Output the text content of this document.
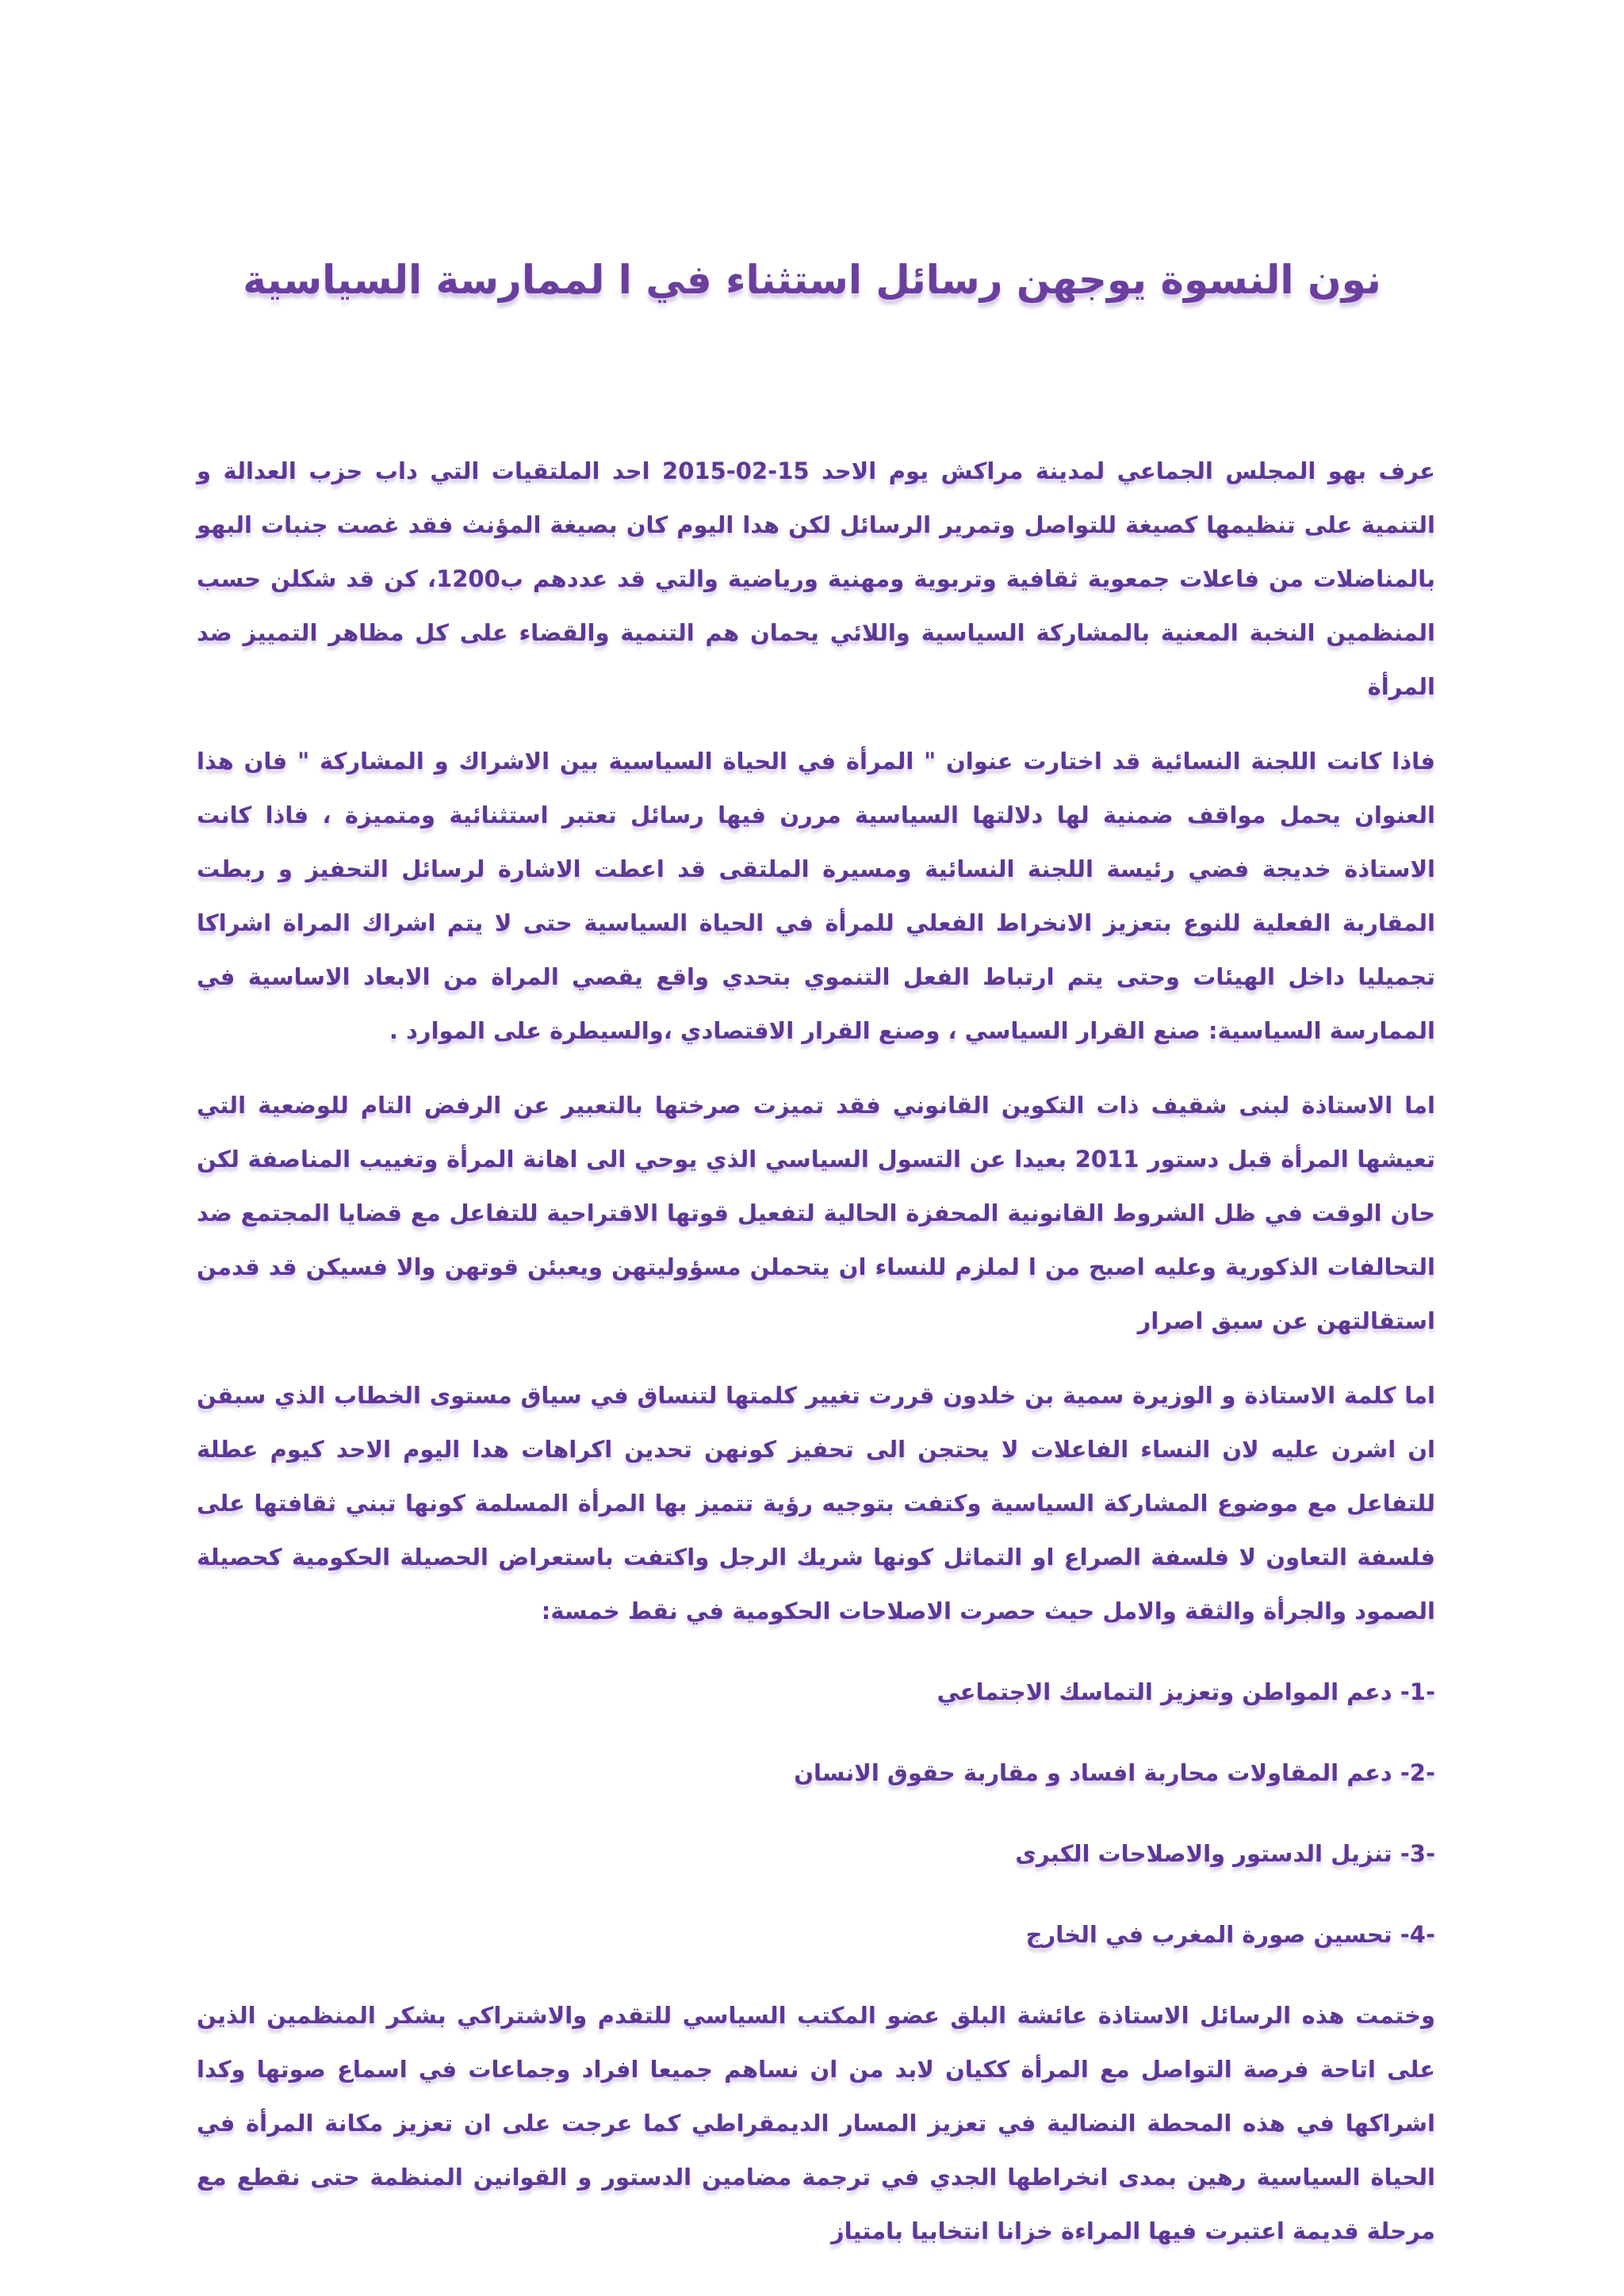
نون النسوة يوجهن رسائل استثناء في ا لممارسة السياسية

عرف بهو المجلس الجماعي لمدينة مراكش يوم الاحد 15-02-2015 احد الملتقيات التي داب حزب العدالة و التنمية على تنظيمها كصيغة للتواصل وتمرير الرسائل لكن هدا اليوم كان بصيغة المؤنث فقد غصت جنبات البهو بالمناضلات من فاعلات جمعوية ثقافية وتربوية ومهنية ورياضية والتي قد عددهم ب1200، كن قد شكلن حسب المنظمين النخبة المعنية بالمشاركة السياسية واللائي يحمان هم التنمية والقضاء على كل مظاهر التمييز ضد المرأة

فاذا كانت اللجنة النسائية قد اختارت عنوان " المرأة في الحياة السياسية بين الاشراك و المشاركة " فان هذا العنوان يحمل مواقف ضمنية لها دلالتها السياسية مررن فيها رسائل تعتبر استثنائية ومتميزة ، فاذا كانت الاستاذة خديجة فضي رئيسة اللجنة النسائية ومسيرة الملتقى قد اعطت الاشارة لرسائل التحفيز و ربطت المقاربة الفعلية للنوع بتعزيز الانخراط الفعلي للمرأة في الحياة السياسية حتى لا يتم اشراك المراة اشراكا تجميليا داخل الهيئات وحتى يتم ارتباط الفعل التنموي بتحدي واقع يقصي المراة من الابعاد الاساسية في الممارسة السياسية: صنع القرار السياسي ، وصنع القرار الاقتصادي ،والسيطرة على الموارد .

اما الاستاذة لبنى شقيف ذات التكوين القانوني فقد تميزت صرختها بالتعبير عن الرفض التام للوضعية التي تعيشها المرأة قبل دستور 2011 بعيدا عن التسول السياسي الذي يوحي الى اهانة المرأة وتغييب المناصفة لكن حان الوقت في ظل الشروط القانونية المحفزة الحالية لتفعيل قوتها الاقتراحية للتفاعل مع قضايا المجتمع ضد التحالفات الذكورية وعليه اصبح من ا لملزم للنساء ان يتحملن مسؤوليتهن ويعبئن قوتهن والا فسيكن قد قدمن استقالتهن عن سبق اصرار

اما كلمة الاستاذة و الوزيرة سمية بن خلدون قررت تغيير كلمتها لتنساق في سياق مستوى الخطاب الذي سبقن ان اشرن عليه لان النساء الفاعلات لا يحتجن الى تحفيز كونهن تحدين اكراهات هدا اليوم الاحد كيوم عطلة للتفاعل مع موضوع المشاركة السياسية وكتفت بتوجيه رؤية تتميز بها المرأة المسلمة كونها تبني ثقافتها على فلسفة التعاون لا فلسفة الصراع او التماثل كونها شريك الرجل واكتفت باستعراض الحصيلة الحكومية كحصيلة الصمود والجرأة والثقة والامل حيث حصرت الاصلاحات الحكومية في نقط خمسة:

-1- دعم المواطن وتعزيز التماسك الاجتماعي
-2- دعم المقاولات محاربة افساد و مقاربة حقوق الانسان
-3- تنزيل الدستور والاصلاحات الكبرى
-4- تحسين صورة المغرب في الخارج

وختمت هذه الرسائل الاستاذة عائشة البلق عضو المكتب السياسي للتقدم والاشتراكي بشكر المنظمين الذين على اتاحة فرصة التواصل مع المرأة ككيان لابد من ان نساهم جميعا افراد وجماعات في اسماع صوتها وكدا اشراكها في هذه المحطة النضالية في تعزيز المسار الديمقراطي كما عرجت على ان تعزيز مكانة المرأة في الحياة السياسية رهين بمدى انخراطها الجدي في ترجمة مضامين الدستور و القوانين المنظمة حتى نقطع مع مرحلة قديمة اعتبرت فيها المراءة خزانا انتخابيا بامتياز
